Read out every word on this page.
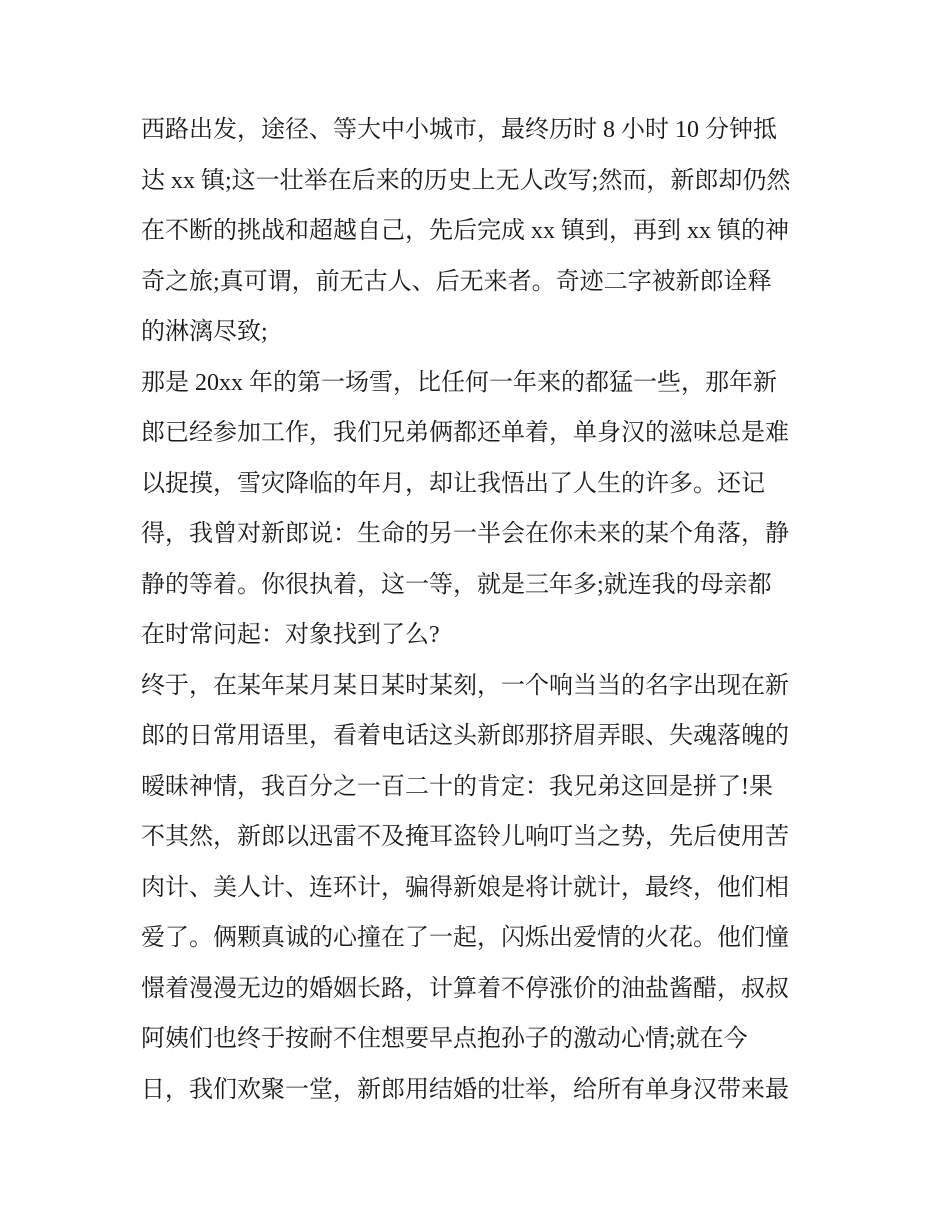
西路出发，途径、等大中小城市，最终历时 8 小时 10 分钟抵
达 xx 镇;这一壮举在后来的历史上无人改写;然而，新郎却仍然
在不断的挑战和超越自己，先后完成 xx 镇到，再到 xx 镇的神
奇之旅;真可谓，前无古人、后无来者。奇迹二字被新郎诠释
的淋漓尽致;
那是 20xx 年的第一场雪，比任何一年来的都猛一些，那年新
郎已经参加工作，我们兄弟俩都还单着，单身汉的滋味总是难
以捉摸，雪灾降临的年月，却让我悟出了人生的许多。还记
得，我曾对新郎说：生命的另一半会在你未来的某个角落，静
静的等着。你很执着，这一等，就是三年多;就连我的母亲都
在时常问起：对象找到了么?
终于，在某年某月某日某时某刻，一个响当当的名字出现在新
郎的日常用语里，看着电话这头新郎那挤眉弄眼、失魂落魄的
暧昧神情，我百分之一百二十的肯定：我兄弟这回是拼了!果
不其然，新郎以迅雷不及掩耳盗铃儿响叮当之势，先后使用苦
肉计、美人计、连环计，骗得新娘是将计就计，最终，他们相
爱了。俩颗真诚的心撞在了一起，闪烁出爱情的火花。他们憧
憬着漫漫无边的婚姻长路，计算着不停涨价的油盐酱醋，叔叔
阿姨们也终于按耐不住想要早点抱孙子的激动心情;就在今
日，我们欢聚一堂，新郎用结婚的壮举，给所有单身汉带来最
